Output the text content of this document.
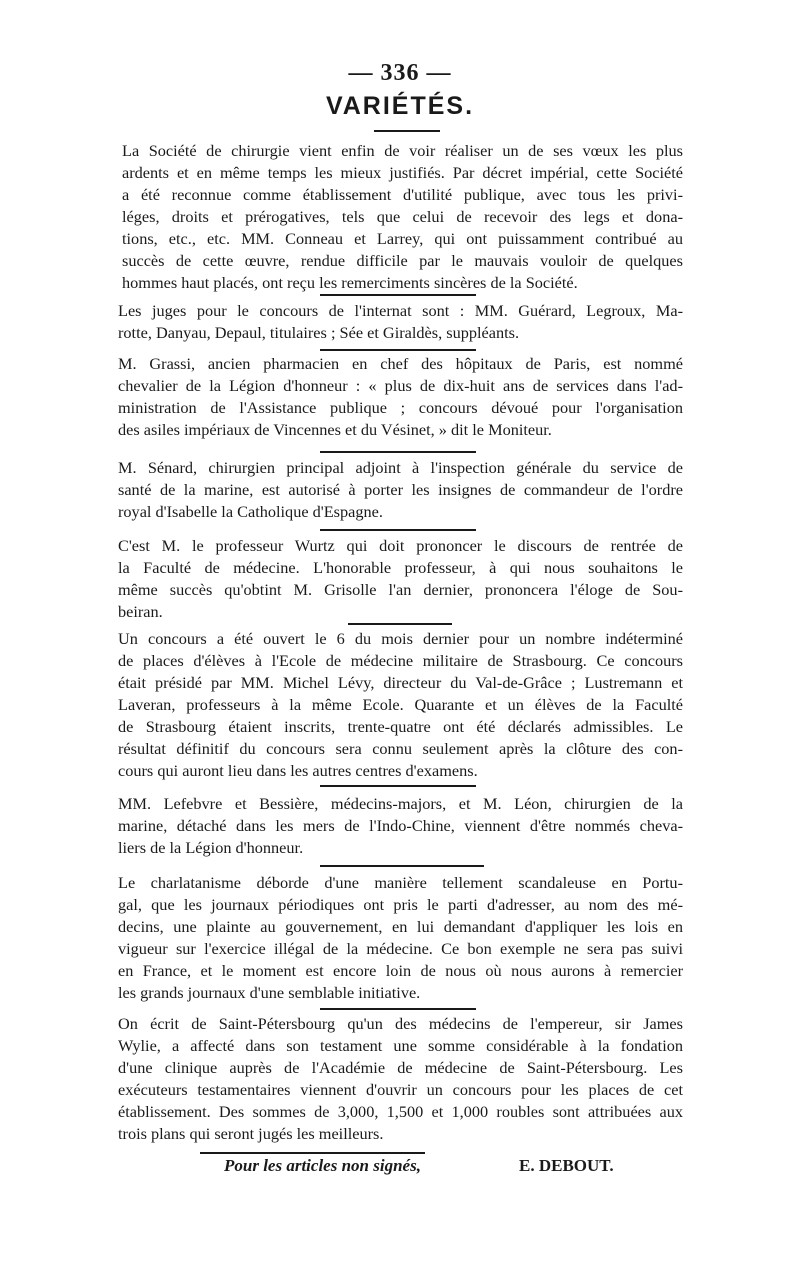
— 336 —
VARIÉTÉS.
La Société de chirurgie vient enfin de voir réaliser un de ses vœux les plus
ardents et en même temps les mieux justifiés. Par décret impérial, cette Société
a été reconnue comme établissement d'utilité publique, avec tous les privi-
léges, droits et prérogatives, tels que celui de recevoir des legs et dona-
tions, etc., etc. MM. Conneau et Larrey, qui ont puissamment contribué au
succès de cette œuvre, rendue difficile par le mauvais vouloir de quelques
hommes haut placés, ont reçu les remerciments sincères de la Société.
Les juges pour le concours de l'internat sont : MM. Guérard, Legroux, Ma-
rotte, Danyau, Depaul, titulaires ; Sée et Giraldès, suppléants.
M. Grassi, ancien pharmacien en chef des hôpitaux de Paris, est nommé
chevalier de la Légion d'honneur : « plus de dix-huit ans de services dans l'ad-
ministration de l'Assistance publique ; concours dévoué pour l'organisation
des asiles impériaux de Vincennes et du Vésinet, » dit le Moniteur.
M. Sénard, chirurgien principal adjoint à l'inspection générale du service de
santé de la marine, est autorisé à porter les insignes de commandeur de l'ordre
royal d'Isabelle la Catholique d'Espagne.
C'est M. le professeur Wurtz qui doit prononcer le discours de rentrée de
la Faculté de médecine. L'honorable professeur, à qui nous souhaitons le
même succès qu'obtint M. Grisolle l'an dernier, prononcera l'éloge de Sou-
beiran.
Un concours a été ouvert le 6 du mois dernier pour un nombre indéterminé
de places d'élèves à l'Ecole de médecine militaire de Strasbourg. Ce concours
était présidé par MM. Michel Lévy, directeur du Val-de-Grâce ; Lustremann et
Laveran, professeurs à la même Ecole. Quarante et un élèves de la Faculté
de Strasbourg étaient inscrits, trente-quatre ont été déclarés admissibles. Le
résultat définitif du concours sera connu seulement après la clôture des con-
cours qui auront lieu dans les autres centres d'examens.
MM. Lefebvre et Bessière, médecins-majors, et M. Léon, chirurgien de la
marine, détaché dans les mers de l'Indo-Chine, viennent d'être nommés cheva-
liers de la Légion d'honneur.
Le charlatanisme déborde d'une manière tellement scandaleuse en Portu-
gal, que les journaux périodiques ont pris le parti d'adresser, au nom des mé-
decins, une plainte au gouvernement, en lui demandant d'appliquer les lois en
vigueur sur l'exercice illégal de la médecine. Ce bon exemple ne sera pas suivi
en France, et le moment est encore loin de nous où nous aurons à remercier
les grands journaux d'une semblable initiative.
On écrit de Saint-Pétersbourg qu'un des médecins de l'empereur, sir James
Wylie, a affecté dans son testament une somme considérable à la fondation
d'une clinique auprès de l'Académie de médecine de Saint-Pétersbourg. Les
exécuteurs testamentaires viennent d'ouvrir un concours pour les places de cet
établissement. Des sommes de 3,000, 1,500 et 1,000 roubles sont attribuées aux
trois plans qui seront jugés les meilleurs.
Pour les articles non signés,	E. DEBOUT.
